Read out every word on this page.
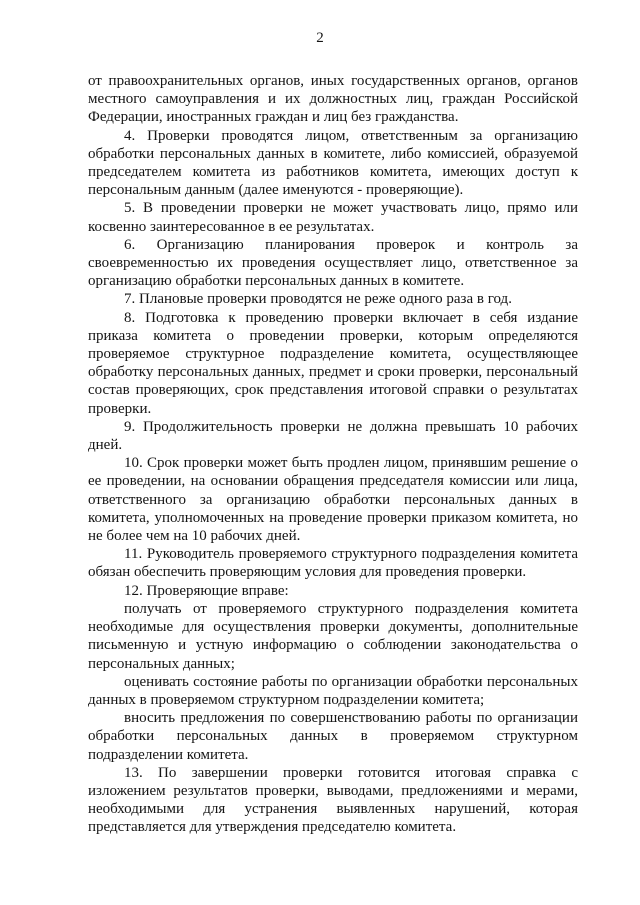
2

от правоохранительных органов, иных государственных органов, органов местного самоуправления и их должностных лиц, граждан Российской Федерации, иностранных граждан и лиц без гражданства.

4. Проверки проводятся лицом, ответственным за организацию обработки персональных данных в комитете, либо комиссией, образуемой председателем комитета из работников комитета, имеющих доступ к персональным данным (далее именуются - проверяющие).

5. В проведении проверки не может участвовать лицо, прямо или косвенно заинтересованное в ее результатах.

6. Организацию планирования проверок и контроль за своевременностью их проведения осуществляет лицо, ответственное за организацию обработки персональных данных в комитете.

7. Плановые проверки проводятся не реже одного раза в год.

8. Подготовка к проведению проверки включает в себя издание приказа комитета о проведении проверки, которым определяются проверяемое структурное подразделение комитета, осуществляющее обработку персональных данных, предмет и сроки проверки, персональный состав проверяющих, срок представления итоговой справки о результатах проверки.

9. Продолжительность проверки не должна превышать 10 рабочих дней.

10. Срок проверки может быть продлен лицом, принявшим решение о ее проведении, на основании обращения председателя комиссии или лица, ответственного за организацию обработки персональных данных в комитета, уполномоченных на проведение проверки приказом комитета, но не более чем на 10 рабочих дней.

11. Руководитель проверяемого структурного подразделения комитета обязан обеспечить проверяющим условия для проведения проверки.

12. Проверяющие вправе:

получать от проверяемого структурного подразделения комитета необходимые для осуществления проверки документы, дополнительные письменную и устную информацию о соблюдении законодательства о персональных данных;

оценивать состояние работы по организации обработки персональных данных в проверяемом структурном подразделении комитета;

вносить предложения по совершенствованию работы по организации обработки персональных данных в проверяемом структурном подразделении комитета.

13. По завершении проверки готовится итоговая справка с изложением результатов проверки, выводами, предложениями и мерами, необходимыми для устранения выявленных нарушений, которая представляется для утверждения председателю комитета.
